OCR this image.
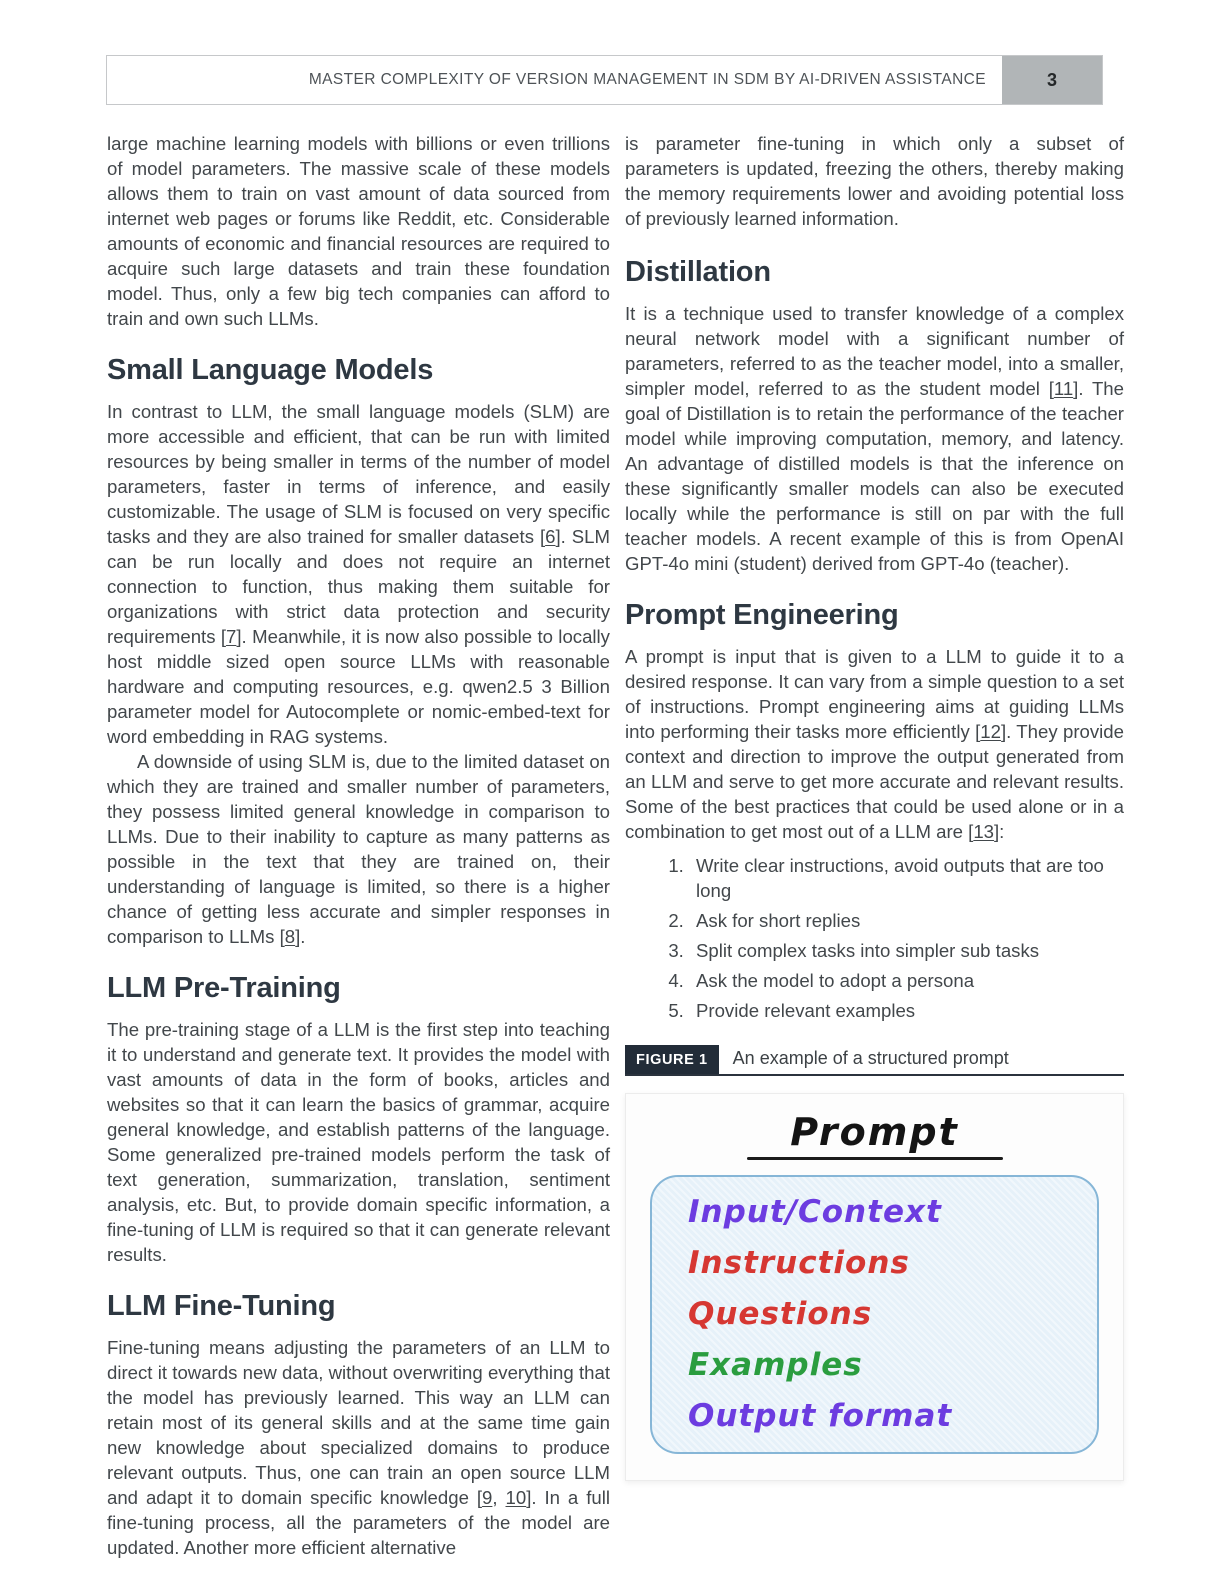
MASTER COMPLEXITY OF VERSION MANAGEMENT IN SDM BY AI-DRIVEN ASSISTANCE	3

large machine learning models with billions or even trillions of model parameters. The massive scale of these models allows them to train on vast amount of data sourced from internet web pages or forums like Reddit, etc. Considerable amounts of economic and financial resources are required to acquire such large datasets and train these foundation model. Thus, only a few big tech companies can afford to train and own such LLMs.

Small Language Models

In contrast to LLM, the small language models (SLM) are more accessible and efficient, that can be run with limited resources by being smaller in terms of the number of model parameters, faster in terms of inference, and easily customizable. The usage of SLM is focused on very specific tasks and they are also trained for smaller datasets [6]. SLM can be run locally and does not require an internet connection to function, thus making them suitable for organizations with strict data protection and security requirements [7]. Meanwhile, it is now also possible to locally host middle sized open source LLMs with reasonable hardware and computing resources, e.g. qwen2.5 3 Billion parameter model for Autocomplete or nomic-embed-text for word embedding in RAG systems.

A downside of using SLM is, due to the limited dataset on which they are trained and smaller number of parameters, they possess limited general knowledge in comparison to LLMs. Due to their inability to capture as many patterns as possible in the text that they are trained on, their understanding of language is limited, so there is a higher chance of getting less accurate and simpler responses in comparison to LLMs [8].

LLM Pre-Training

The pre-training stage of a LLM is the first step into teaching it to understand and generate text. It provides the model with vast amounts of data in the form of books, articles and websites so that it can learn the basics of grammar, acquire general knowledge, and establish patterns of the language. Some generalized pre-trained models perform the task of text generation, summarization, translation, sentiment analysis, etc. But, to provide domain specific information, a fine-tuning of LLM is required so that it can generate relevant results.

LLM Fine-Tuning

Fine-tuning means adjusting the parameters of an LLM to direct it towards new data, without overwriting everything that the model has previously learned. This way an LLM can retain most of its general skills and at the same time gain new knowledge about specialized domains to produce relevant outputs. Thus, one can train an open source LLM and adapt it to domain specific knowledge [9, 10]. In a full fine-tuning process, all the parameters of the model are updated. Another more efficient alternative

is parameter fine-tuning in which only a subset of parameters is updated, freezing the others, thereby making the memory requirements lower and avoiding potential loss of previously learned information.

Distillation

It is a technique used to transfer knowledge of a complex neural network model with a significant number of parameters, referred to as the teacher model, into a smaller, simpler model, referred to as the student model [11]. The goal of Distillation is to retain the performance of the teacher model while improving computation, memory, and latency. An advantage of distilled models is that the inference on these significantly smaller models can also be executed locally while the performance is still on par with the full teacher models. A recent example of this is from OpenAI GPT-4o mini (student) derived from GPT-4o (teacher).

Prompt Engineering

A prompt is input that is given to a LLM to guide it to a desired response. It can vary from a simple question to a set of instructions. Prompt engineering aims at guiding LLMs into performing their tasks more efficiently [12]. They provide context and direction to improve the output generated from an LLM and serve to get more accurate and relevant results. Some of the best practices that could be used alone or in a combination to get most out of a LLM are [13]:

1. Write clear instructions, avoid outputs that are too long
2. Ask for short replies
3. Split complex tasks into simpler sub tasks
4. Ask the model to adopt a persona
5. Provide relevant examples
FIGURE 1	An example of a structured prompt
Prompt
Input/Context
Instructions
Questions
Examples
Output format
